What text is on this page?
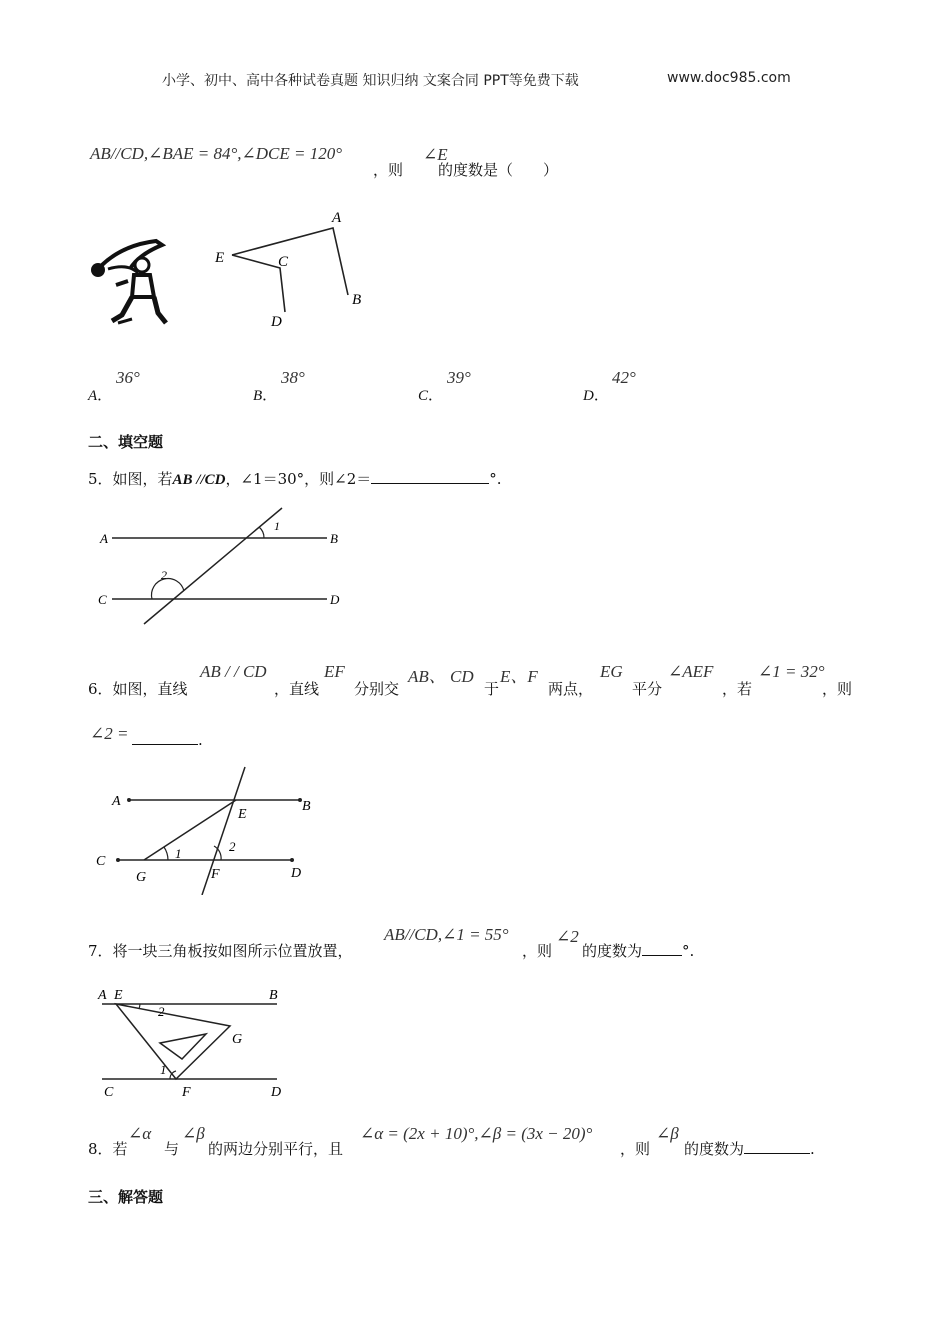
小学、初中、高中各种试卷真题 知识归纳 文案合同 PPT等免费下载	www.doc985.com
AB//CD,∠BAE = 84°,∠DCE = 120°
，则
∠E
的度数是（　　）
A
B
C
D
E
A．
36°
B．
38°
C．
39°
D．
42°
二、填空题
5．如图，若AB //CD，∠1＝30°，则∠2＝	°.
A	B
C	D
1
2
6．如图，直线
AB / / CD
，直线
EF
分别交
AB、 CD
于
E、F
两点，
EG
平分
∠AEF
，若
∠1 = 32°
，则
∠2 =	.
A	B
C
D
E
F
G
1	2
7．将一块三角板按如图所示位置放置，
AB//CD,∠1 = 55°
，则
∠2
的度数为	°.
A E	B
G
C	F	D
1
2
8．若
∠α
与
∠β
的两边分别平行，且
∠α = (2x + 10)°,∠β = (3x − 20)°
，则
∠β
的度数为	.
三、解答题
